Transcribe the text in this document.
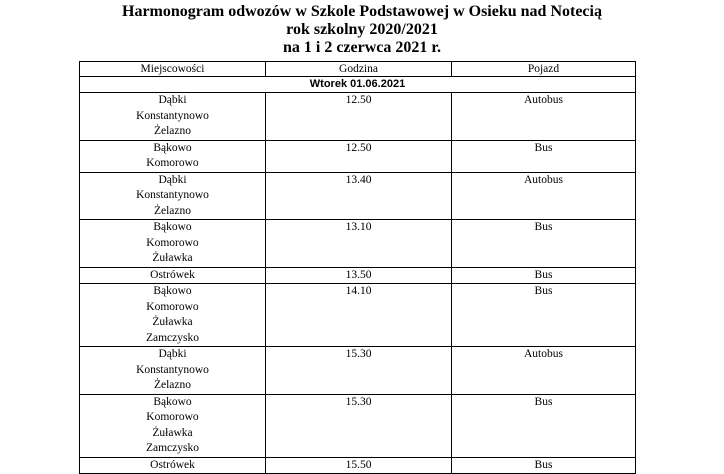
Harmonogram odwozów w Szkole Podstawowej w Osieku nad Notecią
rok szkolny 2020/2021
na 1 i 2 czerwca 2021 r.
Miejscowości	Godzina	Pojazd
Wtorek 01.06.2021		

Dąbki
Konstantynowo
Żelazno	12.50	Autobus

Bąkowo
Komorowo	12.50	Bus

Dąbki
Konstantynowo
Żelazno	13.40	Autobus

Bąkowo
Komorowo
Żuławka	13.10	Bus

Ostrówek	13.50	Bus

Bąkowo
Komorowo
Żuławka
Zamczysko	14.10	Bus

Dąbki
Konstantynowo
Żelazno	15.30	Autobus

Bąkowo
Komorowo
Żuławka
Zamczysko	15.30	Bus

Ostrówek	15.50	Bus
